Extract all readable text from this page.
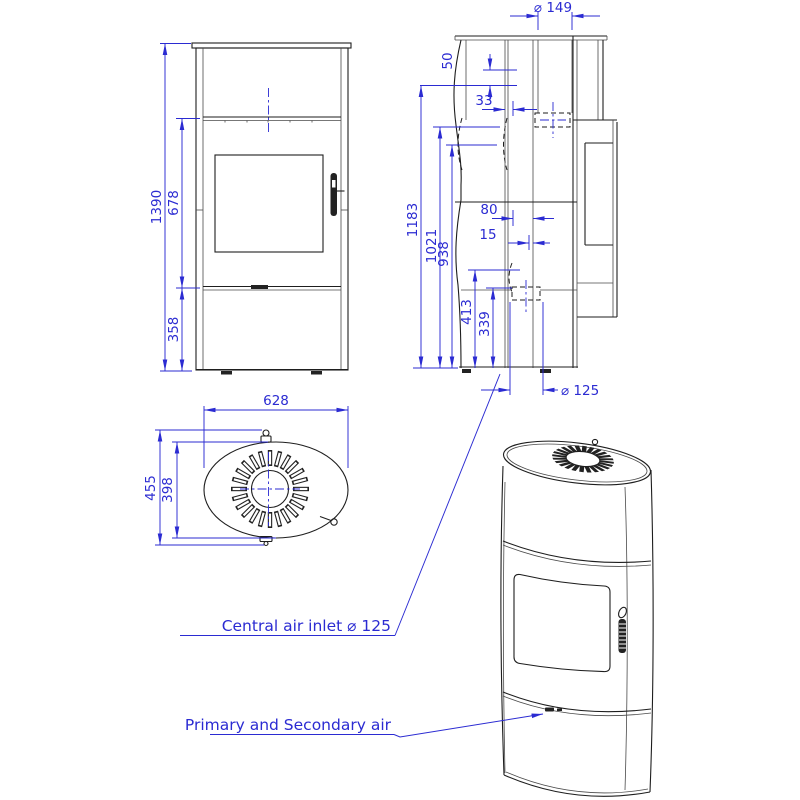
1390 678
358
⌀ 149
50
33
80
15
1183
1021
938
413 339
⌀ 125
628
455 398
Central air inlet ⌀ 125
Primary and Secondary air
